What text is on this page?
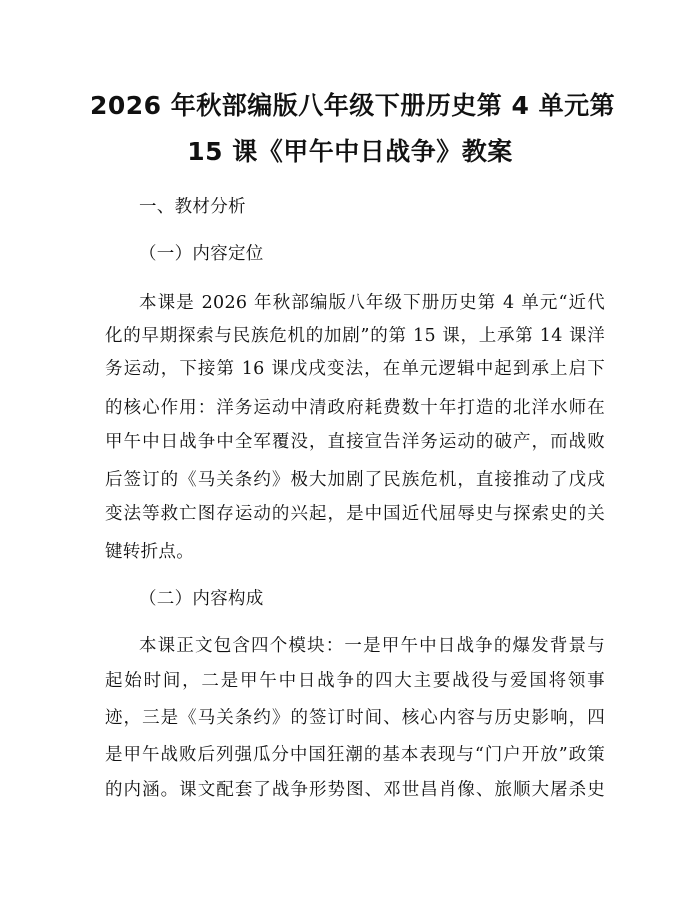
2026 年秋部编版八年级下册历史第 4 单元第
15 课《甲午中日战争》教案
一、教材分析
（一）内容定位
本课是 2026 年秋部编版八年级下册历史第 4 单元“近代
化的早期探索与民族危机的加剧”的第 15 课，上承第 14 课洋
务运动，下接第 16 课戊戌变法，在单元逻辑中起到承上启下
的核心作用：洋务运动中清政府耗费数十年打造的北洋水师在
甲午中日战争中全军覆没，直接宣告洋务运动的破产，而战败
后签订的《马关条约》极大加剧了民族危机，直接推动了戊戌
变法等救亡图存运动的兴起，是中国近代屈辱史与探索史的关
键转折点。
（二）内容构成
本课正文包含四个模块：一是甲午中日战争的爆发背景与
起始时间，二是甲午中日战争的四大主要战役与爱国将领事
迹，三是《马关条约》的签订时间、核心内容与历史影响，四
是甲午战败后列强瓜分中国狂潮的基本表现与“门户开放”政策
的内涵。课文配套了战争形势图、邓世昌肖像、旅顺大屠杀史
